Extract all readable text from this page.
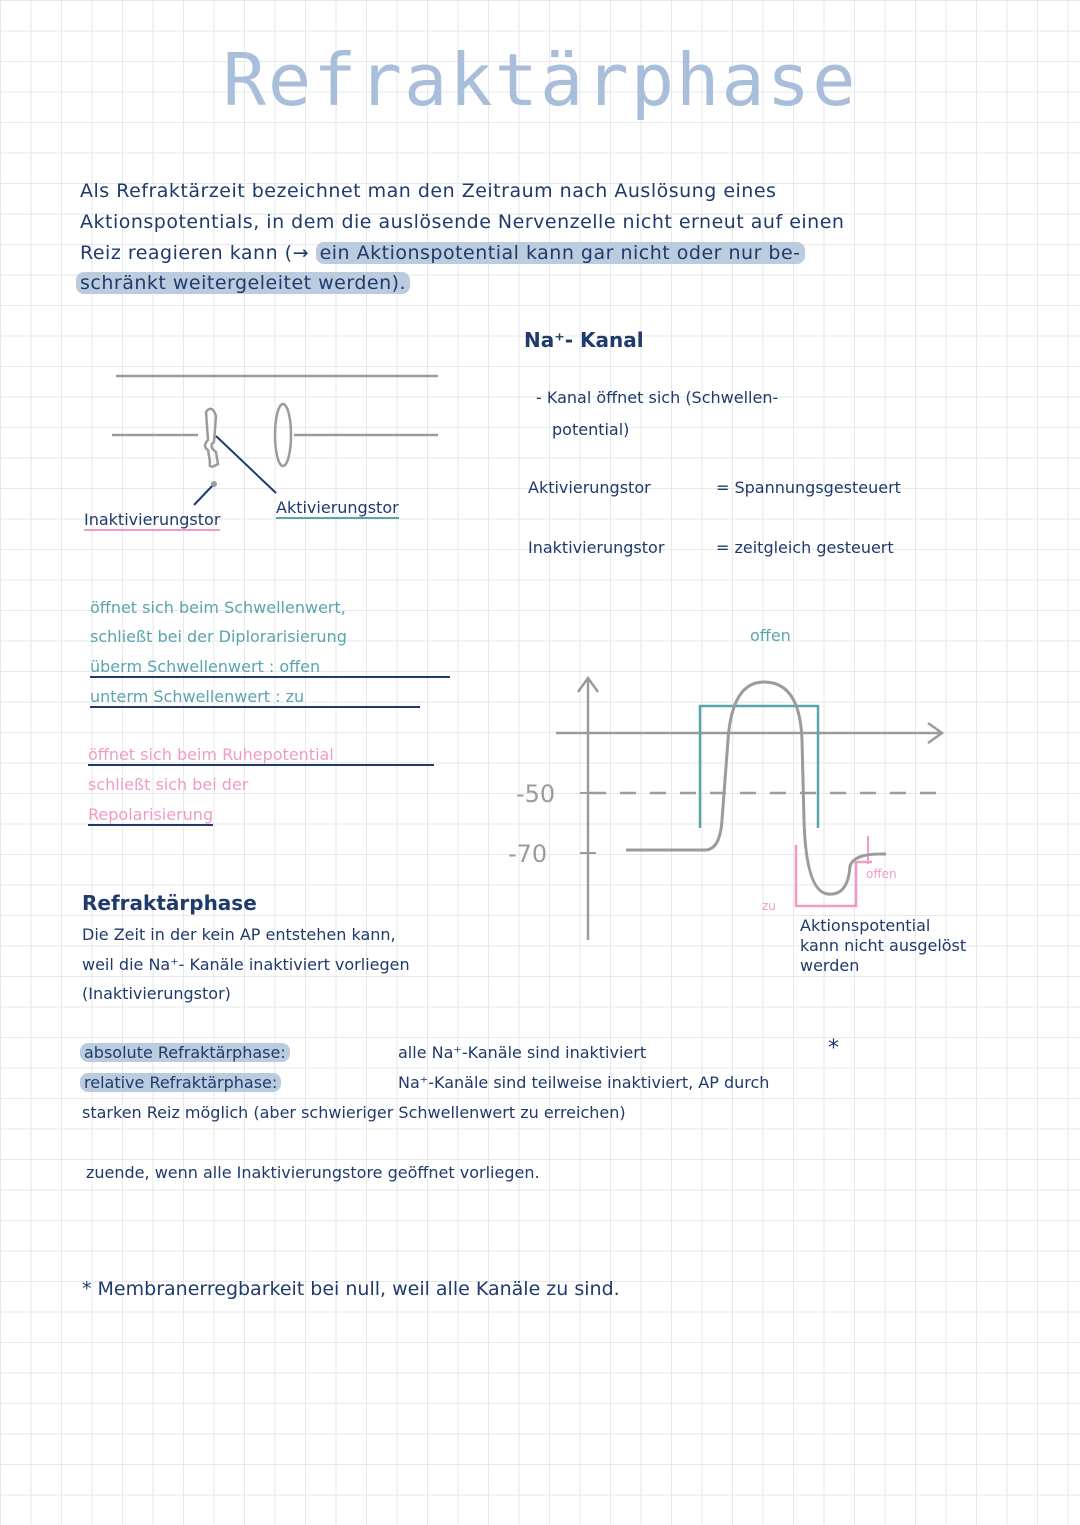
Refraktärphase
Als Refraktärzeit bezeichnet man den Zeitraum nach Auslösung eines
Aktionspotentials, in dem die auslösende Nervenzelle nicht erneut auf einen
Reiz reagieren kann (→ ein Aktionspotential kann gar nicht oder nur be-
schränkt weitergeleitet werden).
Inaktivierungstor
Aktivierungstor
Na⁺- Kanal
- Kanal öffnet sich (Schwellen-
potential)
Aktivierungstor	= Spannungsgesteuert
Inaktivierungstor	= zeitgleich gesteuert
öffnet sich beim Schwellenwert,
schließt bei der Diplorarisierung
überm Schwellenwert : offen
unterm Schwellenwert : zu
öffnet sich beim Ruhepotential
schließt sich bei der
Repolarisierung
offen
-50
-70
zu
offen
Aktionspotential
kann nicht ausgelöst
werden
Refraktärphase
Die Zeit in der kein AP entstehen kann,
weil die Na⁺- Kanäle inaktiviert vorliegen
(Inaktivierungstor)
absolute Refraktärphase:	alle Na⁺-Kanäle sind inaktiviert	*
relative Refraktärphase:	Na⁺-Kanäle sind teilweise inaktiviert, AP durch
starken Reiz möglich (aber schwieriger Schwellenwert zu erreichen)
zuende, wenn alle Inaktivierungstore geöffnet vorliegen.
* Membranerregbarkeit bei null, weil alle Kanäle zu sind.
